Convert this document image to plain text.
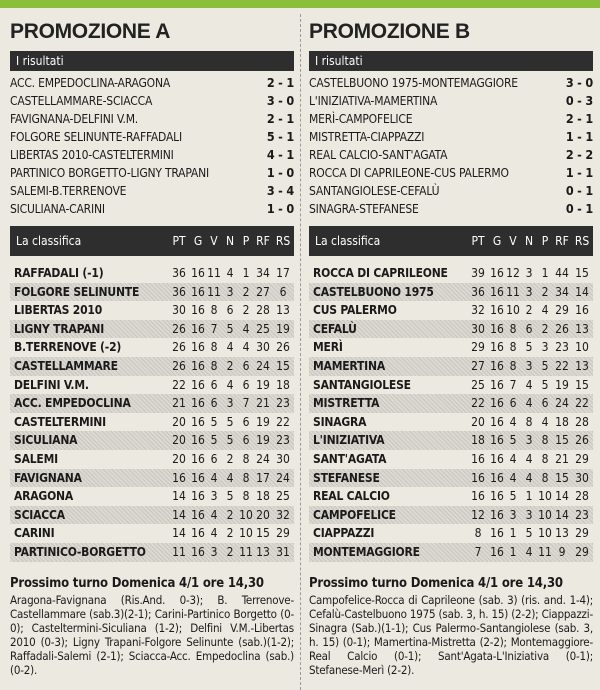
PROMOZIONE A
I risultati
ACC. EMPEDOCLINA-ARAGONA	2 - 1
CASTELLAMMARE-SCIACCA	3 - 0
FAVIGNANA-DELFINI V.M.	2 - 1
FOLGORE SELINUNTE-RAFFADALI	5 - 1
LIBERTAS 2010-CASTELTERMINI	4 - 1
PARTINICO BORGETTO-LIGNY TRAPANI	1 - 0
SALEMI-B.TERRENOVE	3 - 4
SICULIANA-CARINI	1 - 0
La classifica	PT G V N P RF RS
RAFFADALI (-1)	36 16 11 4 1 34 17
FOLGORE SELINUNTE	36 16 11 3 2 27 6
LIBERTAS 2010	30 16 8 6 2 28 13
LIGNY TRAPANI	26 16 7 5 4 25 19
B.TERRENOVE (-2)	26 16 8 4 4 30 26
CASTELLAMMARE	26 16 8 2 6 24 15
DELFINI V.M.	22 16 6 4 6 19 18
ACC. EMPEDOCLINA	21 16 6 3 7 21 23
CASTELTERMINI	20 16 5 5 6 19 22
SICULIANA	20 16 5 5 6 19 23
SALEMI	20 16 6 2 8 24 30
FAVIGNANA	16 16 4 4 8 17 24
ARAGONA	14 16 3 5 8 18 25
SCIACCA	14 16 4 2 10 20 32
CARINI	14 16 4 2 10 15 29
PARTINICO-BORGETTO	11 16 3 2 11 13 31
Prossimo turno Domenica 4/1 ore 14,30
Aragona-Favignana (Ris.And. 0-3); B. Terrenove-Castellammare (sab.3)(2-1); Carini-Partinico Borgetto (0-0); Casteltermini-Siculiana (1-2); Delfini V.M.-Libertas 2010 (0-3); Ligny Trapani-Folgore Selinunte (sab.)(1-2); Raffadali-Salemi (2-1); Sciacca-Acc. Empedoclina (sab.) (0-2).
PROMOZIONE B
I risultati
CASTELBUONO 1975-MONTEMAGGIORE	3 - 0
L'INIZIATIVA-MAMERTINA	0 - 3
MERÌ-CAMPOFELICE	2 - 1
MISTRETTA-CIAPPAZZI	1 - 1
REAL CALCIO-SANT'AGATA	2 - 2
ROCCA DI CAPRILEONE-CUS PALERMO	1 - 1
SANTANGIOLESE-CEFALÙ	0 - 1
SINAGRA-STEFANESE	0 - 1
La classifica	PT G V N P RF RS
ROCCA DI CAPRILEONE	39 16 12 3 1 44 15
CASTELBUONO 1975	36 16 11 3 2 34 14
CUS PALERMO	32 16 10 2 4 29 16
CEFALÙ	30 16 8 6 2 26 13
MERÌ	29 16 8 5 3 23 10
MAMERTINA	27 16 8 3 5 22 13
SANTANGIOLESE	25 16 7 4 5 19 15
MISTRETTA	22 16 6 4 6 24 22
SINAGRA	20 16 4 8 4 18 28
L'INIZIATIVA	18 16 5 3 8 15 26
SANT'AGATA	16 16 4 4 8 21 29
STEFANESE	16 16 4 4 8 15 30
REAL CALCIO	16 16 5 1 10 14 28
CAMPOFELICE	12 16 3 3 10 14 23
CIAPPAZZI	8 16 1 5 10 13 29
MONTEMAGGIORE	7 16 1 4 11 9 29
Prossimo turno Domenica 4/1 ore 14,30
Campofelice-Rocca di Caprileone (sab. 3) (ris. and. 1-4); Cefalù-Castelbuono 1975 (sab. 3, h. 15) (2-2); Ciappazzi-Sinagra (Sab.)(1-1); Cus Palermo-Santangiolese (sab. 3, h. 15) (0-1); Mamertina-Mistretta (2-2); Montemaggiore-Real Calcio (0-1); Sant'Agata-L'Iniziativa (0-1); Stefanese-Merì (2-2).
